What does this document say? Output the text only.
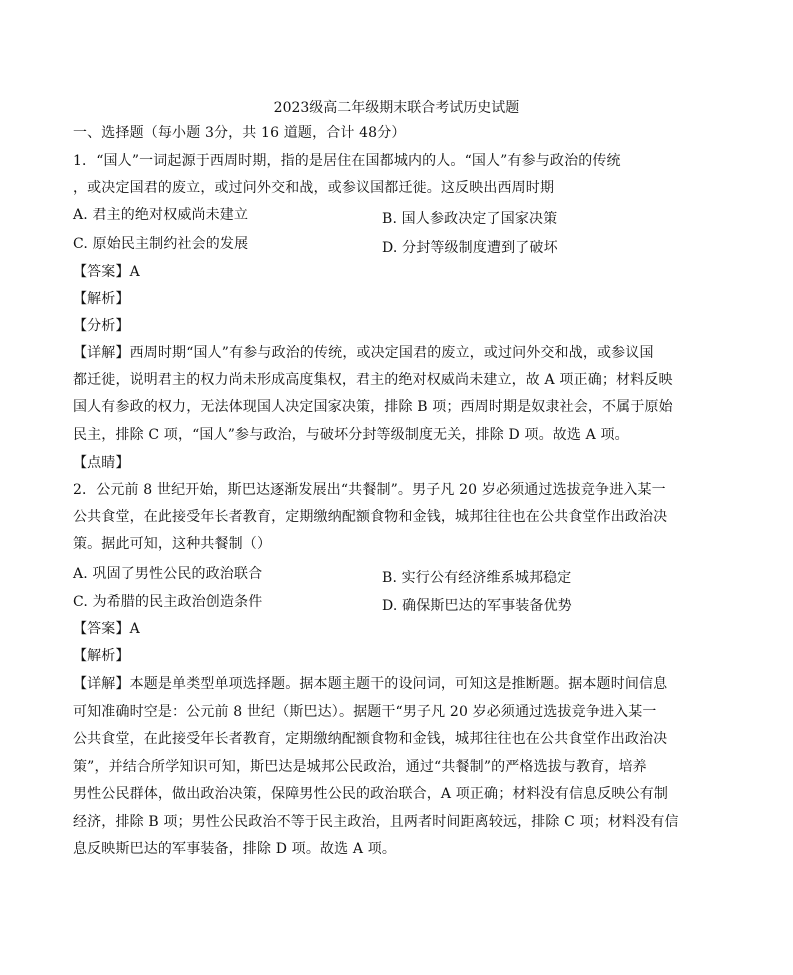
2023级高二年级期末联合考试历史试题
一、选择题（每小题 3分，共 16 道题，合计 48分）
1．“国人”一词起源于西周时期，指的是居住在国都城内的人。“国人”有参与政治的传统
，或决定国君的废立，或过问外交和战，或参议国都迁徙。这反映出西周时期
A. 君主的绝对权威尚未建立	B. 国人参政决定了国家决策
C. 原始民主制约社会的发展	D. 分封等级制度遭到了破坏
【答案】A
【解析】
【分析】
【详解】西周时期“国人”有参与政治的传统，或决定国君的废立，或过问外交和战，或参议国
都迁徙，说明君主的权力尚未形成高度集权，君主的绝对权威尚未建立，故 A 项正确；材料反映
国人有参政的权力，无法体现国人决定国家决策，排除 B 项；西周时期是奴隶社会，不属于原始
民主，排除 C 项，“国人”参与政治，与破坏分封等级制度无关，排除 D 项。故选 A 项。
【点睛】
2．公元前 8 世纪开始，斯巴达逐渐发展出“共餐制”。男子凡 20 岁必须通过选拔竞争进入某一
公共食堂，在此接受年长者教育，定期缴纳配额食物和金钱，城邦往往也在公共食堂作出政治决
策。据此可知，这种共餐制（）
A. 巩固了男性公民的政治联合	B. 实行公有经济维系城邦稳定
C. 为希腊的民主政治创造条件	D. 确保斯巴达的军事装备优势
【答案】A
【解析】
【详解】本题是单类型单项选择题。据本题主题干的设问词，可知这是推断题。据本题时间信息
可知准确时空是：公元前 8 世纪（斯巴达）。据题干“男子凡 20 岁必须通过选拔竞争进入某一
公共食堂，在此接受年长者教育，定期缴纳配额食物和金钱，城邦往往也在公共食堂作出政治决
策”，并结合所学知识可知，斯巴达是城邦公民政治，通过“共餐制”的严格选拔与教育，培养
男性公民群体，做出政治决策，保障男性公民的政治联合，A 项正确；材料没有信息反映公有制
经济，排除 B 项；男性公民政治不等于民主政治，且两者时间距离较远，排除 C 项；材料没有信
息反映斯巴达的军事装备，排除 D 项。故选 A 项。
